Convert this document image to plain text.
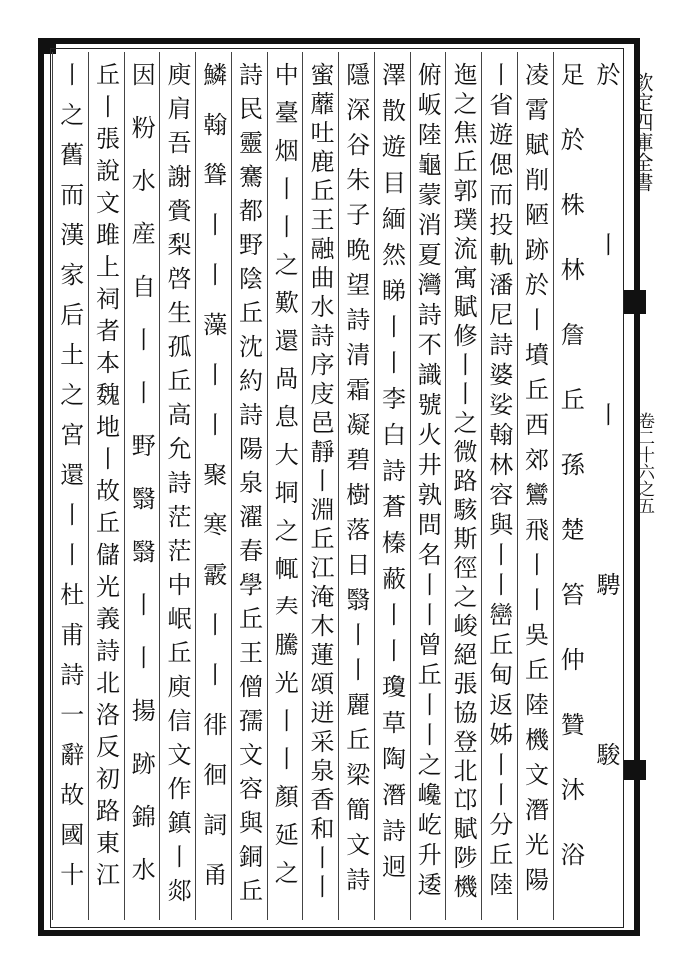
欽定四庫全書
卷二十六之五
於丨丨騁駿
足於株林詹丘孫楚笞仲贊沐浴
凌霄賦削陋跡於丨墳丘西郊鸞飛丨丨吳丘陸機文潛光陽
丨省遊偲而投軌潘尼詩婆娑翰林容與丨丨巒丘甸返姊丨丨分丘陸
迤之焦丘郭璞流寓賦修丨丨之微路駭斯徑之峻絕張協登北邙賦陟機
俯岅陸龜蒙消夏灣詩不識號火井孰問名丨丨曾丘丨丨之巉屹升逶
澤散遊目緬然睇丨丨李白詩蒼榛蔽丨丨瓊草陶潛詩迥
隱深谷朱子晩望詩清霜凝碧樹落日翳丨丨麗丘梁簡文詩
蜜蘼吐鹿丘王融曲水詩序庋邑靜丨淵丘江淹木蓮頌迸采泉香和丨丨
中臺烟丨丨之歎還咼息大垌之㡇𡗗騰光丨丨顏延之
詩民靈騫都野陰丘沈約詩陽泉濯春學丘王僧孺文容與銅丘
鱗翰聳丨丨藻丨丨聚寒霰丨丨徘徊詞甬
庾肩吾謝賫梨啓生孤丘高允詩茫茫中岷丘庾信文作鎮丨郯
因粉水産自丨丨野翳翳丨丨揚跡錦水
丘丨張說文雎上祠者本魏地丨故丘儲光義詩北洛反初路東江
丨之舊而漢家后土之宮還丨丨杜甫詩一辭故國十
